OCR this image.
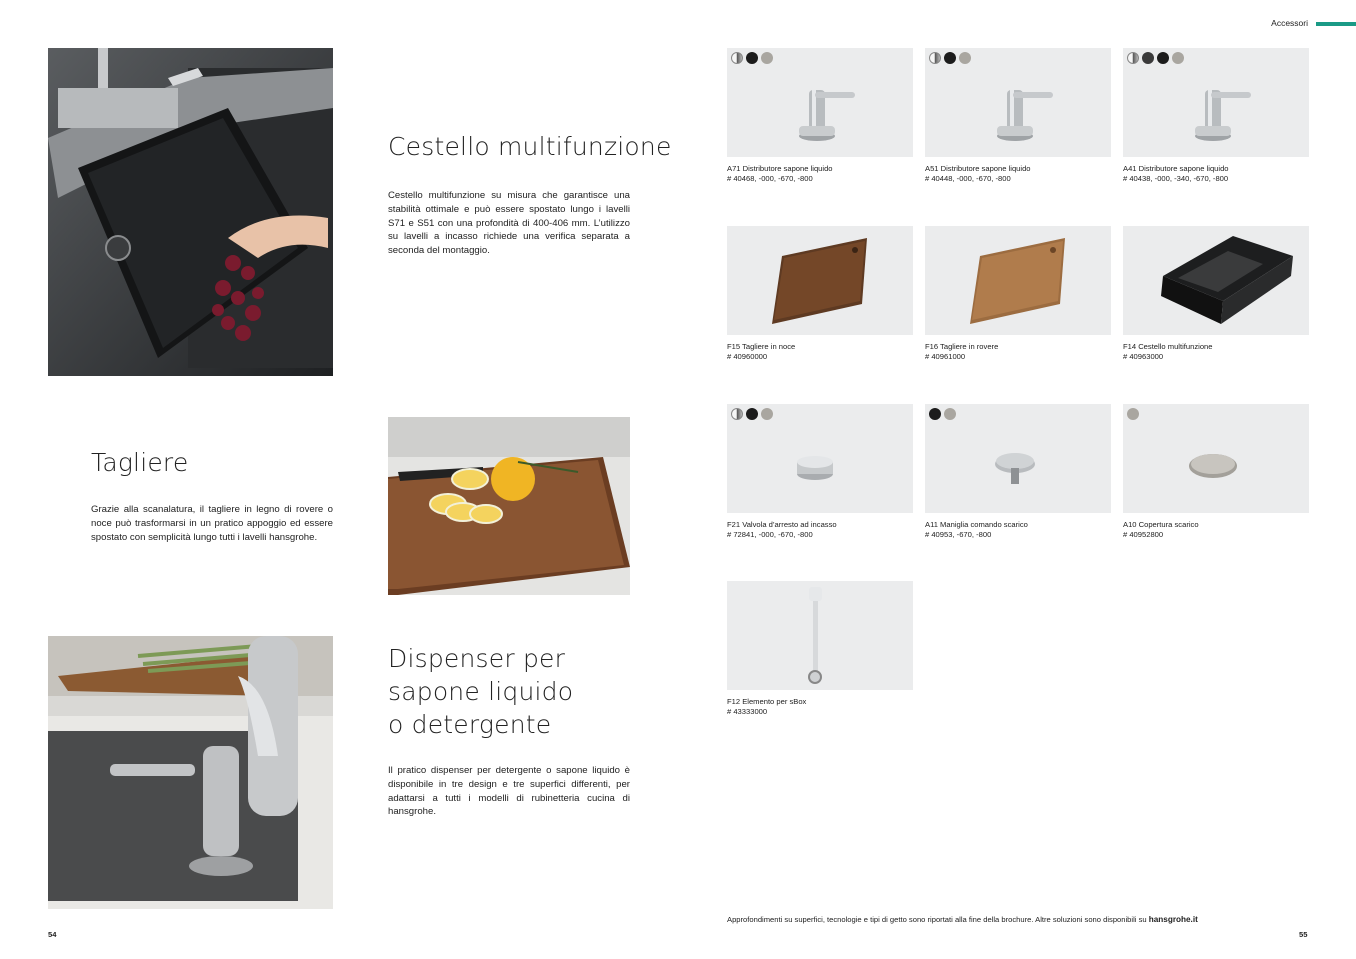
Accessori
Cestello multifunzione
Cestello multifunzione su misura che garantisce una stabilità ottimale e può essere spostato lungo i lavelli S71 e S51 con una profondità di 400-406 mm. L’utilizzo su lavelli a incasso richiede una verifica separata a seconda del montaggio.
Tagliere
Grazie alla scanalatura, il tagliere in legno di rovere o noce può trasformarsi in un pratico appoggio ed essere spostato con semplicità lungo tutti i lavelli hansgrohe.
Dispenser per
sapone liquido
o detergente
Il pratico dispenser per detergente o sapone liquido è disponibile in tre design e tre superfici differenti, per adattarsi a tutti i modelli di rubinetteria cucina di hansgrohe.
A71 Distributore sapone liquido
# 40468, -000, -670, -800
A51 Distributore sapone liquido
# 40448, -000, -670, -800
A41 Distributore sapone liquido
# 40438, -000, -340, -670, -800
F15 Tagliere in noce
# 40960000
F16 Tagliere in rovere
# 40961000
F14 Cestello multifunzione
# 40963000
F21 Valvola d’arresto ad incasso
# 72841, -000, -670, -800
A11 Maniglia comando scarico
# 40953, -670, -800
A10 Copertura scarico
# 40952800
F12 Elemento per sBox
# 43333000
Approfondimenti su superfici, tecnologie e tipi di getto sono riportati alla fine della brochure. Altre soluzioni sono disponibili su hansgrohe.it
54	55
